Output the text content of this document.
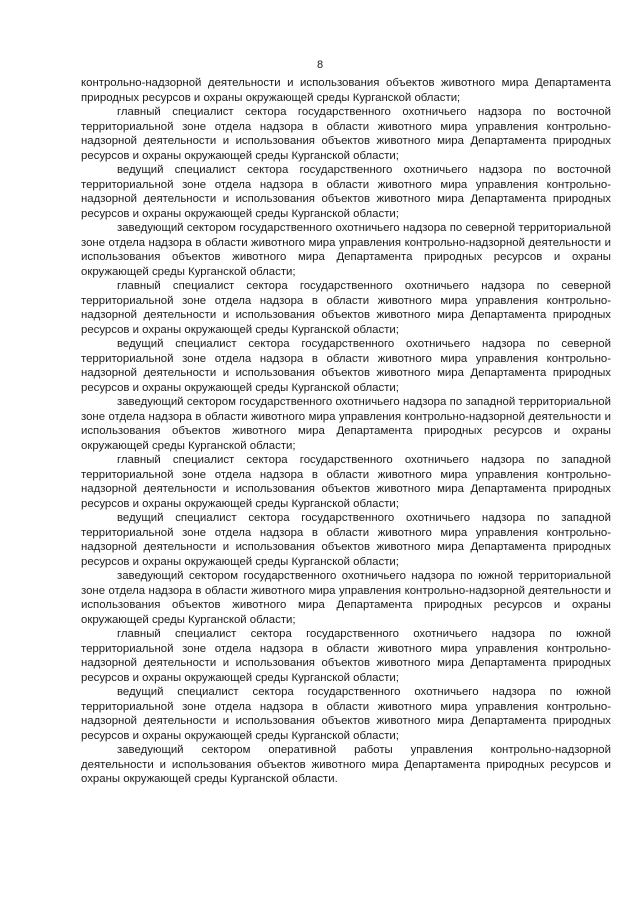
8

контрольно-надзорной деятельности и использования объектов животного мира Департамента природных ресурсов и охраны окружающей среды Курганской области;

главный специалист сектора государственного охотничьего надзора по восточной территориальной зоне отдела надзора в области животного мира управления контрольно-надзорной деятельности и использования объектов животного мира Департамента природных ресурсов и охраны окружающей среды Курганской области;

ведущий специалист сектора государственного охотничьего надзора по восточной территориальной зоне отдела надзора в области животного мира управления контрольно-надзорной деятельности и использования объектов животного мира Департамента природных ресурсов и охраны окружающей среды Курганской области;

заведующий сектором государственного охотничьего надзора по северной территориальной зоне отдела надзора в области животного мира управления контрольно-надзорной деятельности и использования объектов животного мира Департамента природных ресурсов и охраны окружающей среды Курганской области;

главный специалист сектора государственного охотничьего надзора по северной территориальной зоне отдела надзора в области животного мира управления контрольно-надзорной деятельности и использования объектов животного мира Департамента природных ресурсов и охраны окружающей среды Курганской области;

ведущий специалист сектора государственного охотничьего надзора по северной территориальной зоне отдела надзора в области животного мира управления контрольно-надзорной деятельности и использования объектов животного мира Департамента природных ресурсов и охраны окружающей среды Курганской области;

заведующий сектором государственного охотничьего надзора по западной территориальной зоне отдела надзора в области животного мира управления контрольно-надзорной деятельности и использования объектов животного мира Департамента природных ресурсов и охраны окружающей среды Курганской области;

главный специалист сектора государственного охотничьего надзора по западной территориальной зоне отдела надзора в области животного мира управления контрольно-надзорной деятельности и использования объектов животного мира Департамента природных ресурсов и охраны окружающей среды Курганской области;

ведущий специалист сектора государственного охотничьего надзора по западной территориальной зоне отдела надзора в области животного мира управления контрольно-надзорной деятельности и использования объектов животного мира Департамента природных ресурсов и охраны окружающей среды Курганской области;

заведующий сектором государственного охотничьего надзора по южной территориальной зоне отдела надзора в области животного мира управления контрольно-надзорной деятельности и использования объектов животного мира Департамента природных ресурсов и охраны окружающей среды Курганской области;

главный специалист сектора государственного охотничьего надзора по южной территориальной зоне отдела надзора в области животного мира управления контрольно-надзорной деятельности и использования объектов животного мира Департамента природных ресурсов и охраны окружающей среды Курганской области;

ведущий специалист сектора государственного охотничьего надзора по южной территориальной зоне отдела надзора в области животного мира управления контрольно-надзорной деятельности и использования объектов животного мира Департамента природных ресурсов и охраны окружающей среды Курганской области;

заведующий сектором оперативной работы управления контрольно-надзорной деятельности и использования объектов животного мира Департамента природных ресурсов и охраны окружающей среды Курганской области.
